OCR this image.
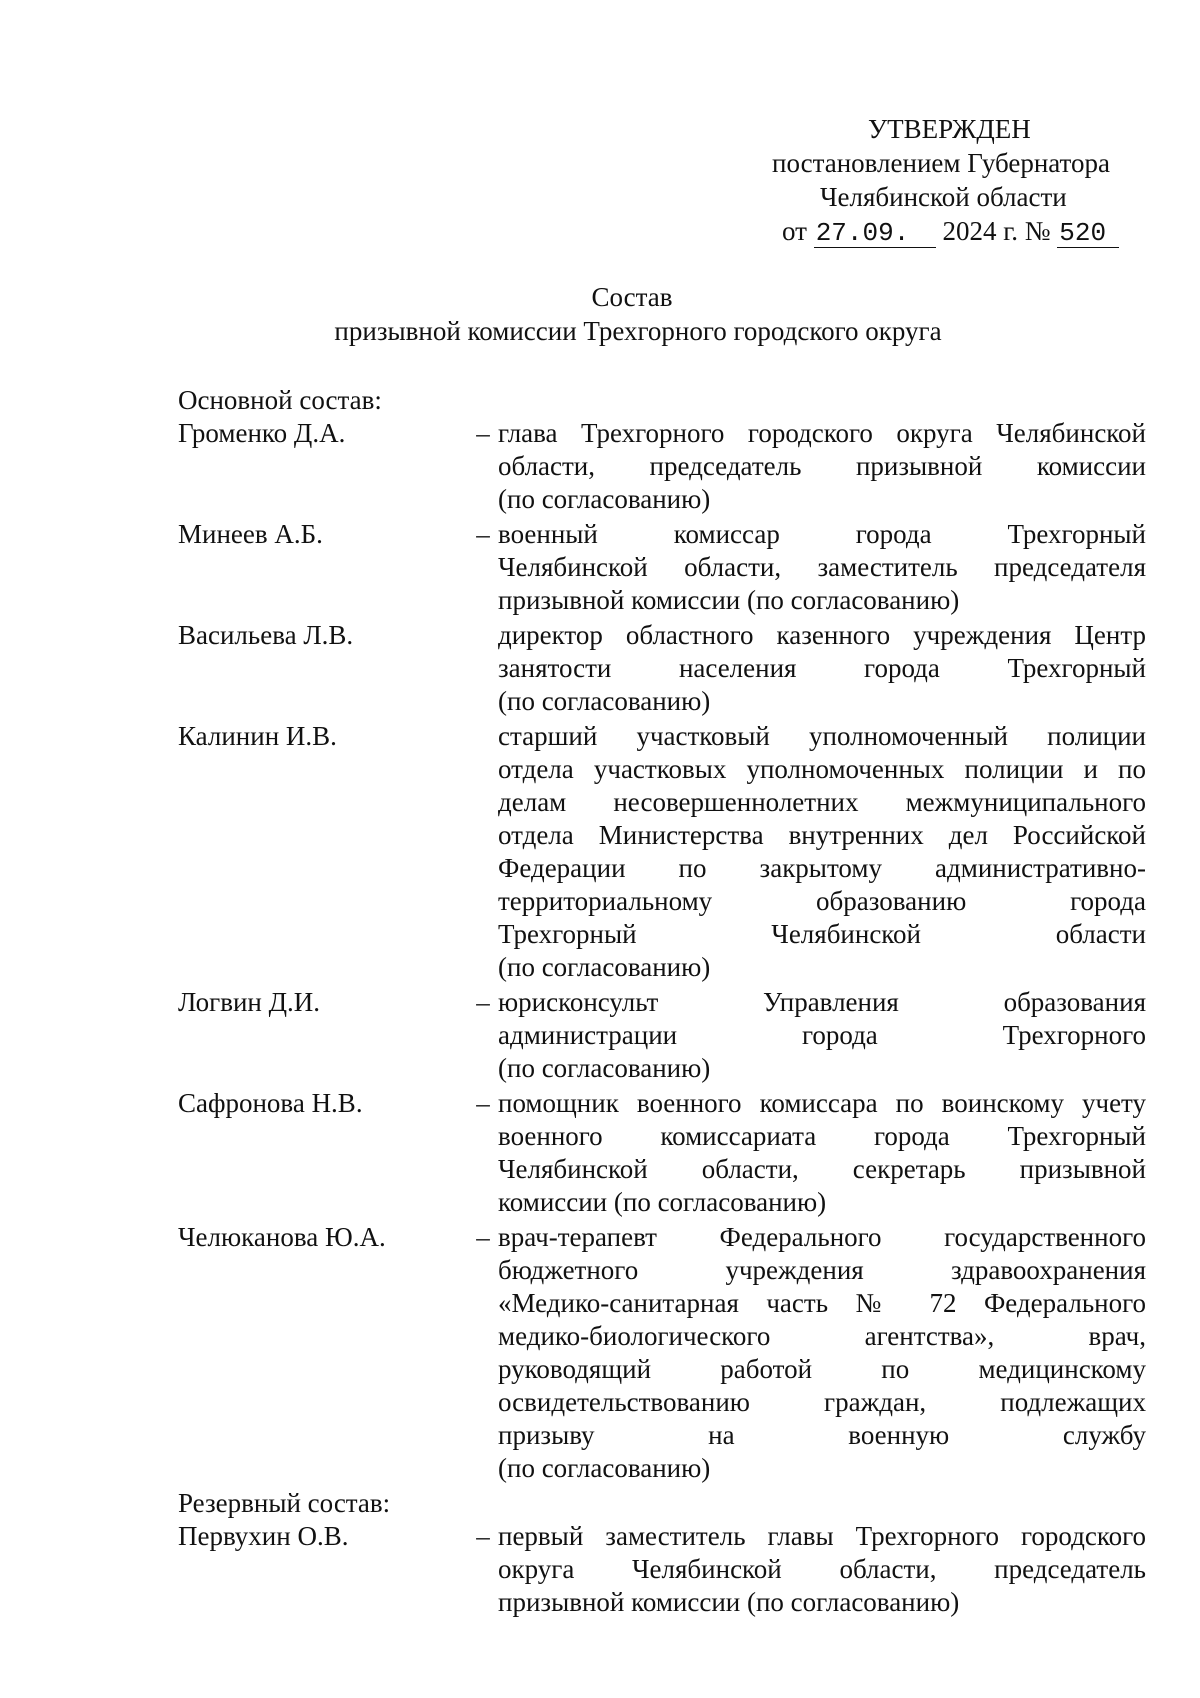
УТВЕРЖДЕН
постановлением Губернатора
Челябинской области
от 27.09. 2024 г. № 520
Состав
призывной комиссии Трехгорного городского округа
Основной состав:
Громенко Д.А.	– глава Трехгорного городского округа Челябинской
области, председатель призывной комиссии
(по согласованию)
Минеев А.Б.	– военный комиссар города Трехгорный
Челябинской области, заместитель председателя
призывной комиссии (по согласованию)
Васильева Л.В.	директор областного казенного учреждения Центр
занятости населения города Трехгорный
(по согласованию)
Калинин И.В.	старший участковый уполномоченный полиции
отдела участковых уполномоченных полиции и по
делам несовершеннолетних межмуниципального
отдела Министерства внутренних дел Российской
Федерации по закрытому административно-
территориальному образованию города
Трехгорный Челябинской области
(по согласованию)
Логвин Д.И.	– юрисконсульт Управления образования
администрации города Трехгорного
(по согласованию)
Сафронова Н.В.	– помощник военного комиссара по воинскому учету
военного комиссариата города Трехгорный
Челябинской области, секретарь призывной
комиссии (по согласованию)
Челюканова Ю.А.	– врач-терапевт Федерального государственного
бюджетного учреждения здравоохранения
«Медико-санитарная часть № 72 Федерального
медико-биологического агентства», врач,
руководящий работой по медицинскому
освидетельствованию граждан, подлежащих
призыву на военную службу
(по согласованию)
Резервный состав:
Первухин О.В.	– первый заместитель главы Трехгорного городского
округа Челябинской области, председатель
призывной комиссии (по согласованию)
